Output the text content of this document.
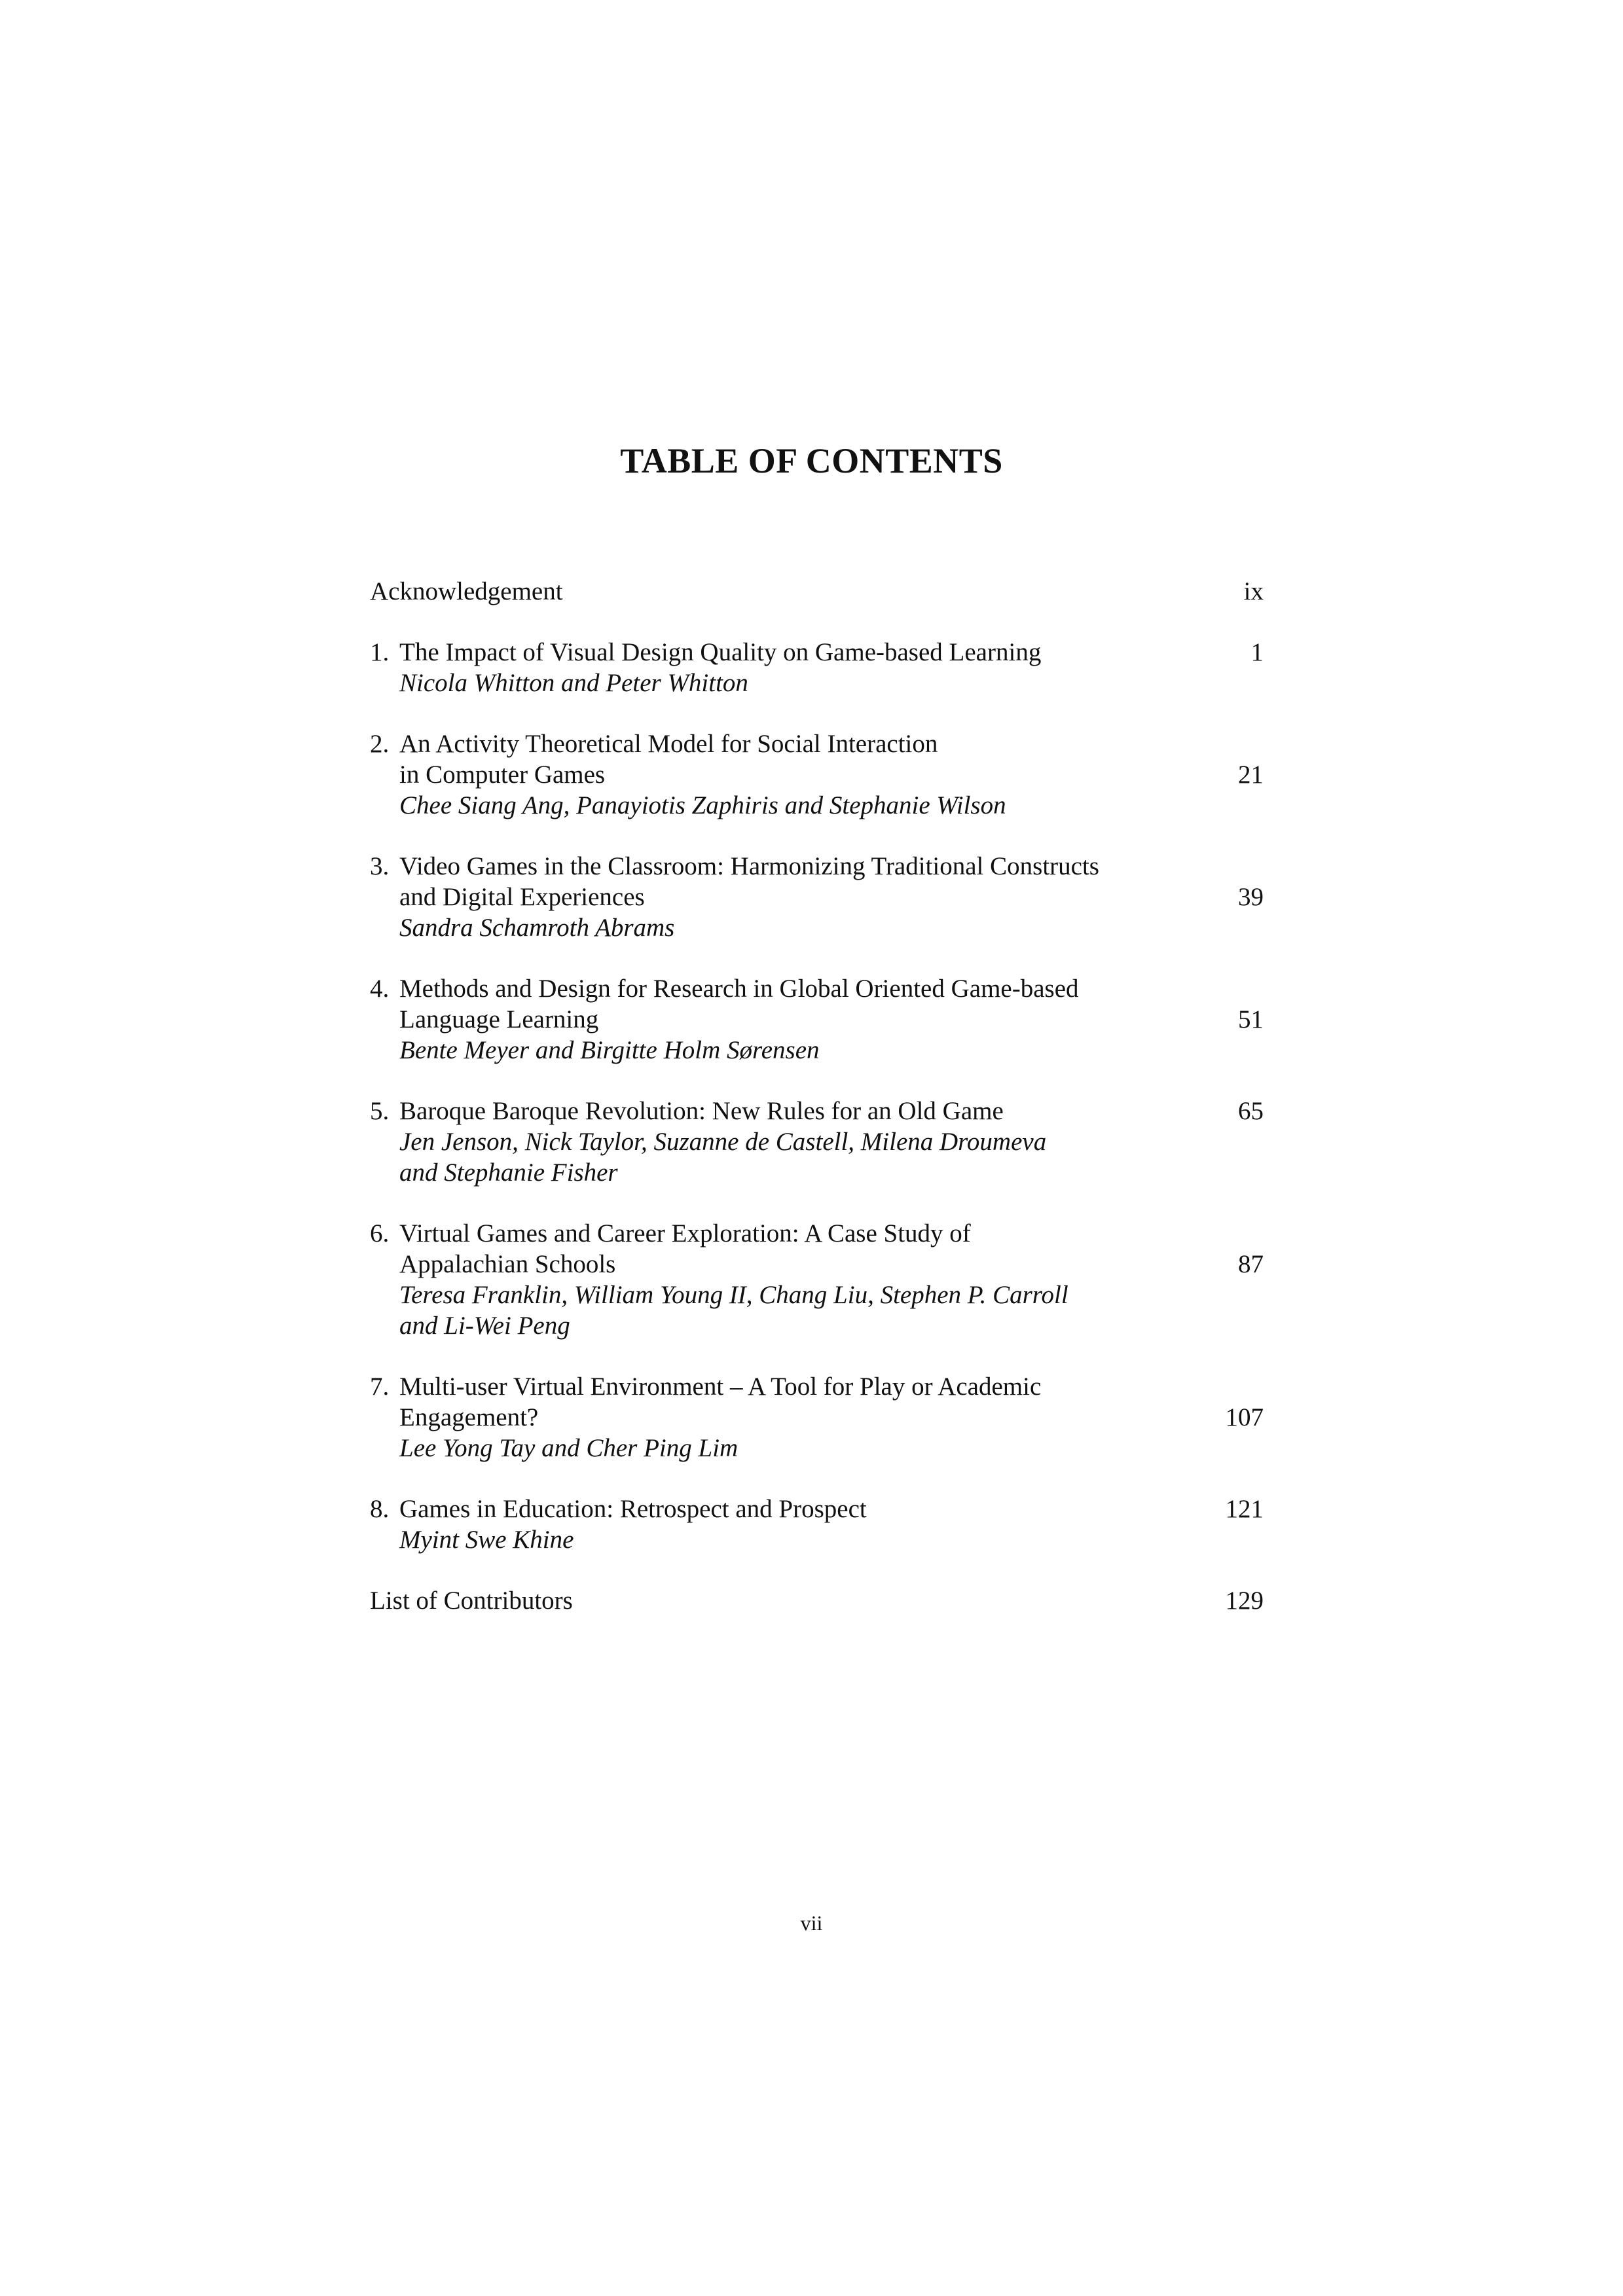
TABLE OF CONTENTS
Acknowledgement	ix
1. The Impact of Visual Design Quality on Game-based Learning	1
Nicola Whitton and Peter Whitton
2. An Activity Theoretical Model for Social Interaction
in Computer Games	21
Chee Siang Ang, Panayiotis Zaphiris and Stephanie Wilson
3. Video Games in the Classroom: Harmonizing Traditional Constructs
and Digital Experiences	39
Sandra Schamroth Abrams
4. Methods and Design for Research in Global Oriented Game-based
Language Learning	51
Bente Meyer and Birgitte Holm Sørensen
5. Baroque Baroque Revolution: New Rules for an Old Game	65
Jen Jenson, Nick Taylor, Suzanne de Castell, Milena Droumeva
and Stephanie Fisher
6. Virtual Games and Career Exploration: A Case Study of
Appalachian Schools	87
Teresa Franklin, William Young II, Chang Liu, Stephen P. Carroll
and Li-Wei Peng
7. Multi-user Virtual Environment – A Tool for Play or Academic
Engagement?	107
Lee Yong Tay and Cher Ping Lim
8. Games in Education: Retrospect and Prospect	121
Myint Swe Khine
List of Contributors	129
vii
